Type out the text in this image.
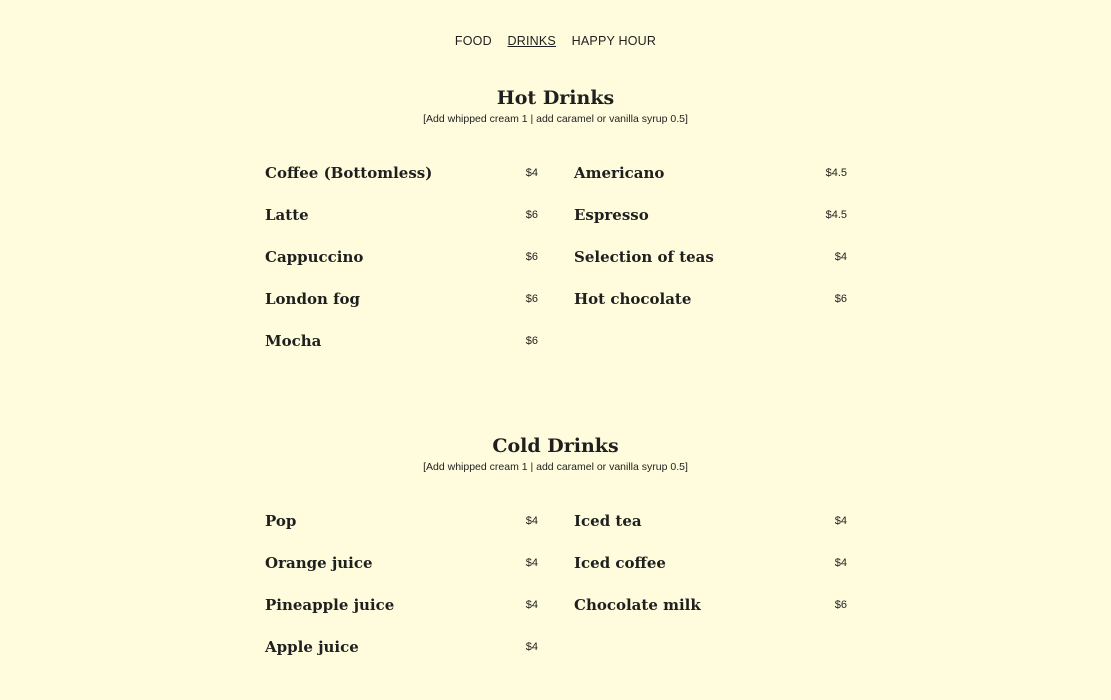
FOOD DRINKS HAPPY HOUR
Hot Drinks
[Add whipped cream 1 | add caramel or vanilla syrup 0.5]
Coffee (Bottomless)	$4
Latte	$6
Cappuccino	$6
London fog	$6
Mocha	$6
Americano	$4.5
Espresso	$4.5
Selection of teas	$4
Hot chocolate	$6
Cold Drinks
[Add whipped cream 1 | add caramel or vanilla syrup 0.5]
Pop	$4
Orange juice	$4
Pineapple juice	$4
Apple juice	$4
Iced tea	$4
Iced coffee	$4
Chocolate milk	$6
